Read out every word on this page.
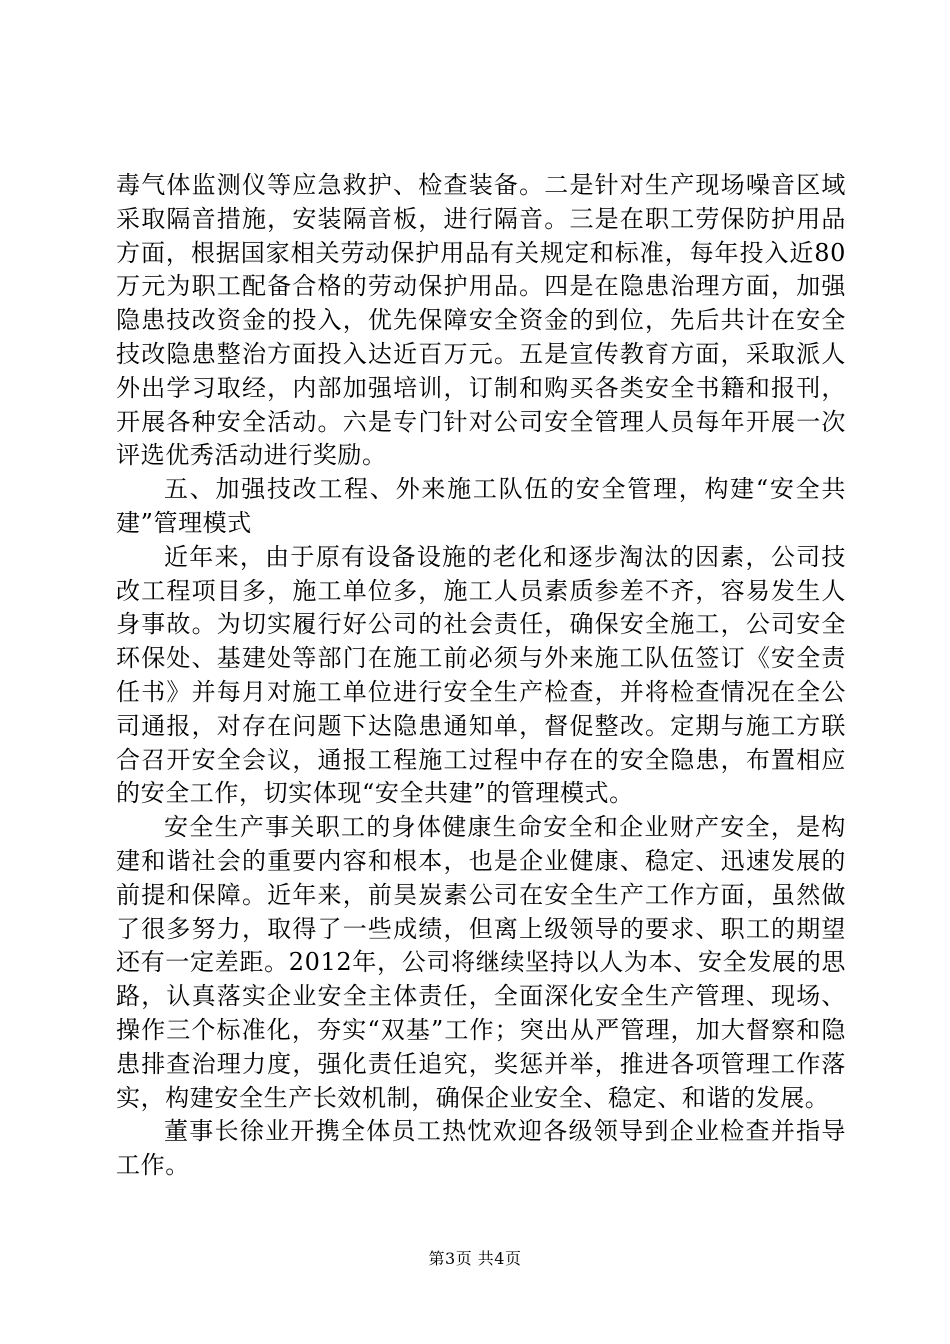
毒气体监测仪等应急救护、检查装备。二是针对生产现场噪音区域采取隔音措施，安装隔音板，进行隔音。三是在职工劳保防护用品方面，根据国家相关劳动保护用品有关规定和标准，每年投入近80万元为职工配备合格的劳动保护用品。四是在隐患治理方面，加强隐患技改资金的投入，优先保障安全资金的到位，先后共计在安全技改隐患整治方面投入达近百万元。五是宣传教育方面，采取派人外出学习取经，内部加强培训，订制和购买各类安全书籍和报刊，开展各种安全活动。六是专门针对公司安全管理人员每年开展一次评选优秀活动进行奖励。

五、加强技改工程、外来施工队伍的安全管理，构建“安全共建”管理模式

近年来，由于原有设备设施的老化和逐步淘汰的因素，公司技改工程项目多，施工单位多，施工人员素质参差不齐，容易发生人身事故。为切实履行好公司的社会责任，确保安全施工，公司安全环保处、基建处等部门在施工前必须与外来施工队伍签订《安全责任书》并每月对施工单位进行安全生产检查，并将检查情况在全公司通报，对存在问题下达隐患通知单，督促整改。定期与施工方联合召开安全会议，通报工程施工过程中存在的安全隐患，布置相应的安全工作，切实体现“安全共建”的管理模式。

安全生产事关职工的身体健康生命安全和企业财产安全，是构建和谐社会的重要内容和根本，也是企业健康、稳定、迅速发展的前提和保障。近年来，前昊炭素公司在安全生产工作方面，虽然做了很多努力，取得了一些成绩，但离上级领导的要求、职工的期望还有一定差距。2012年，公司将继续坚持以人为本、安全发展的思路，认真落实企业安全主体责任，全面深化安全生产管理、现场、操作三个标准化，夯实“双基”工作；突出从严管理，加大督察和隐患排查治理力度，强化责任追究，奖惩并举，推进各项管理工作落实，构建安全生产长效机制，确保企业安全、稳定、和谐的发展。

董事长徐业开携全体员工热忱欢迎各级领导到企业检查并指导工作。

第3页 共4页
